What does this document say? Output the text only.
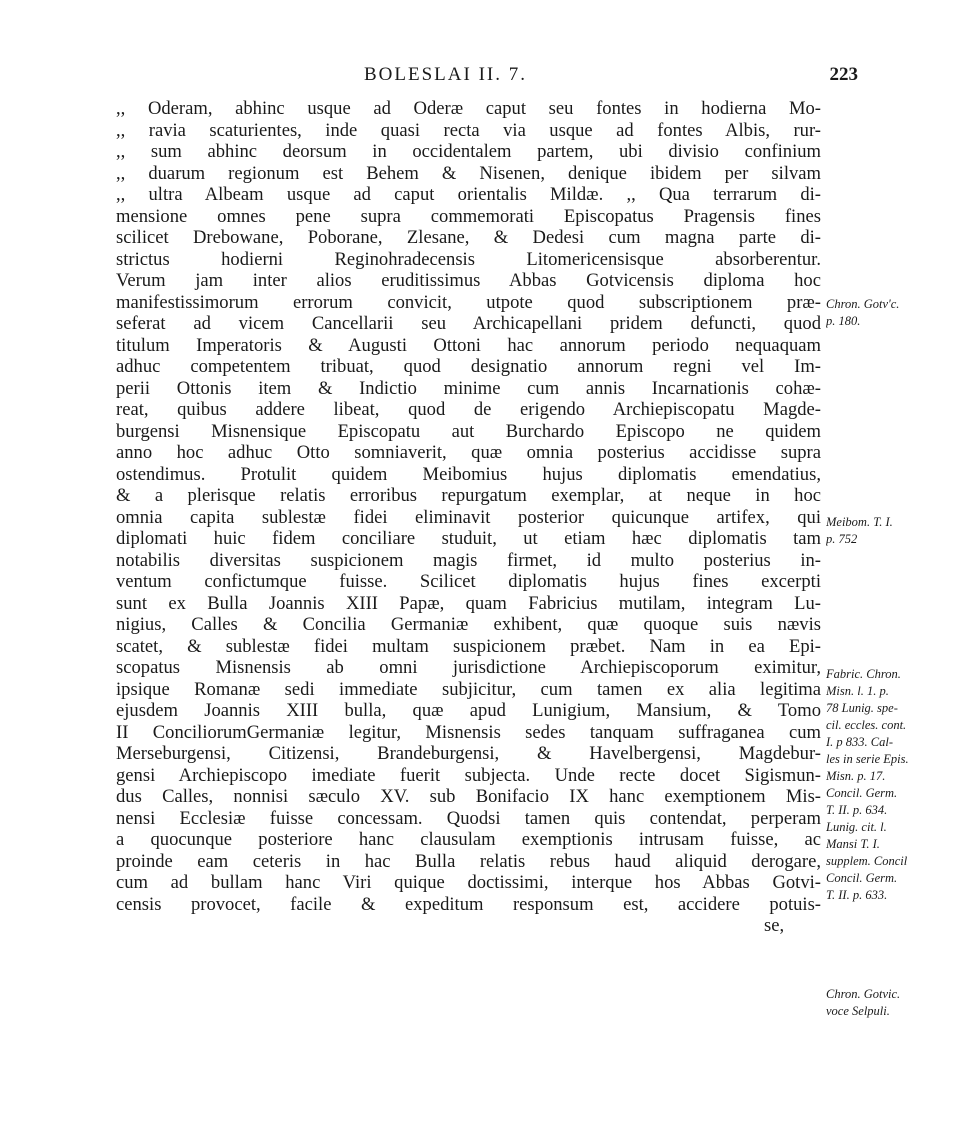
BOLESLAI II. 7.	223
,, Oderam, abhinc usque ad Oderæ caput seu fontes in hodierna Mo-
,, ravia scaturientes, inde quasi recta via usque ad fontes Albis, rur-
,, sum abhinc deorsum in occidentalem partem, ubi divisio confinium
,, duarum regionum est Behem & Nisenen, denique ibidem per silvam
,, ultra Albeam usque ad caput orientalis Mildæ. ,, Qua terrarum di-
mensione omnes pene supra commemorati Episcopatus Pragensis fines
scilicet Drebowane, Poborane, Zlesane, & Dedesi cum magna parte di-
strictus hodierni Reginohradecensis Litomericensisque absorberentur.
Verum jam inter alios eruditissimus Abbas Gotvicensis diploma hoc
manifestissimorum errorum convicit, utpote quod subscriptionem præ-
seferat ad vicem Cancellarii seu Archicapellani pridem defuncti, quod
titulum Imperatoris & Augusti Ottoni hac annorum periodo nequaquam
adhuc competentem tribuat, quod designatio annorum regni vel Im-
perii Ottonis item & Indictio minime cum annis Incarnationis cohæ-
reat, quibus addere libeat, quod de erigendo Archiepiscopatu Magde-
burgensi Misnensique Episcopatu aut Burchardo Episcopo ne quidem
anno hoc adhuc Otto somniaverit, quæ omnia posterius accidisse supra
ostendimus. Protulit quidem Meibomius hujus diplomatis emendatius,
& a plerisque relatis erroribus repurgatum exemplar, at neque in hoc
omnia capita sublestæ fidei eliminavit posterior quicunque artifex, qui
diplomati huic fidem conciliare studuit, ut etiam hæc diplomatis tam
notabilis diversitas suspicionem magis firmet, id multo posterius in-
ventum confictumque fuisse. Scilicet diplomatis hujus fines excerpti
sunt ex Bulla Joannis XIII Papæ, quam Fabricius mutilam, integram Lu-
nigius, Calles & Concilia Germaniæ exhibent, quæ quoque suis nævis
scatet, & sublestæ fidei multam suspicionem præbet. Nam in ea Epi-
scopatus Misnensis ab omni jurisdictione Archiepiscoporum eximitur,
ipsique Romanæ sedi immediate subjicitur, cum tamen ex alia legitima
ejusdem Joannis XIII bulla, quæ apud Lunigium, Mansium, & Tomo
II ConciliorumGermaniæ legitur, Misnensis sedes tanquam suffraganea cum
Merseburgensi, Citizensi, Brandeburgensi, & Havelbergensi, Magdebur-
gensi Archiepiscopo imediate fuerit subjecta. Unde recte docet Sigismun-
dus Calles, nonnisi sæculo XV. sub Bonifacio IX hanc exemptionem Mis-
nensi Ecclesiæ fuisse concessam. Quodsi tamen quis contendat, perperam
a quocunque posteriore hanc clausulam exemptionis intrusam fuisse, ac
proinde eam ceteris in hac Bulla relatis rebus haud aliquid derogare,
cum ad bullam hanc Viri quique doctissimi, interque hos Abbas Gotvi-
censis provocet, facile & expeditum responsum est, accidere potuis-
se,
Chron. Gotv'c.
p. 180.
Meibom. T. I.
p. 752
Fabric. Chron.
Misn. l. 1. p.
78 Lunig. spe-
cil. eccles. cont.
I. p 833. Cal-
les in serie Epis.
Misn. p. 17.
Concil. Germ.
T. II. p. 634.
Lunig. cit. l.
Mansi T. I.
supplem. Concil
Concil. Germ.
T. II. p. 633.
Chron. Gotvic.
voce Selpuli.
